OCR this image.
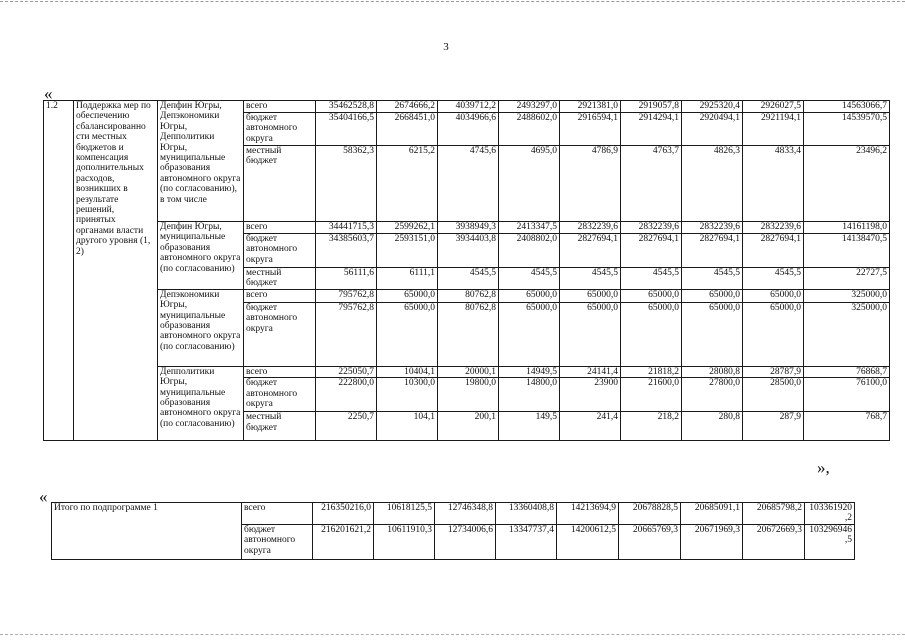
3
«
1.2	Поддержка мер по обеспечению сбалансированно сти местных бюджетов и компенсация дополнительных расходов, возникших в результате решений, принятых органами власти другого уровня (1, 2)	Депфин Югры, Депэкономики Югры, Депполитики Югры, муниципальные образования автономного округа (по согласованию), в том числе	всего	35462528,8	2674666,2	4039712,2	2493297,0	2921381,0	2919057,8	2925320,4	2926027,5	14563066,7
			бюджет автономного округа	35404166,5	2668451,0	4034966,6	2488602,0	2916594,1	2914294,1	2920494,1	2921194,1	14539570,5
			местный бюджет	58362,3	6215,2	4745,6	4695,0	4786,9	4763,7	4826,3	4833,4	23496,2
		Депфин Югры, муниципальные образования автономного округа (по согласованию)	всего	34441715,3	2599262,1	3938949,3	2413347,5	2832239,6	2832239,6	2832239,6	2832239,6	14161198,0
			бюджет автономного округа	34385603,7	2593151,0	3934403,8	2408802,0	2827694,1	2827694,1	2827694,1	2827694,1	14138470,5
			местный бюджет	56111,6	6111,1	4545,5	4545,5	4545,5	4545,5	4545,5	4545,5	22727,5
		Депэкономики Югры, муниципальные образования автономного округа (по согласованию)	всего	795762,8	65000,0	80762,8	65000,0	65000,0	65000,0	65000,0	65000,0	325000,0
			бюджет автономного округа	795762,8	65000,0	80762,8	65000,0	65000,0	65000,0	65000,0	65000,0	325000,0
		Депполитики Югры, муниципальные образования автономного округа (по согласованию)	всего	225050,7	10404,1	20000,1	14949,5	24141,4	21818,2	28080,8	28787,9	76868,7
			бюджет автономного округа	222800,0	10300,0	19800,0	14800,0	23900	21600,0	27800,0	28500,0	76100,0
			местный бюджет	2250,7	104,1	200,1	149,5	241,4	218,2	280,8	287,9	768,7
»,
«
Итого по подпрограмме 1	всего	216350216,0	10618125,5	12746348,8	13360408,8	14213694,9	20678828,5	20685091,1	20685798,2	103361920,2
	бюджет автономного округа	216201621,2	10611910,3	12734006,6	13347737,4	14200612,5	20665769,3	20671969,3	20672669,3	103296946,5
